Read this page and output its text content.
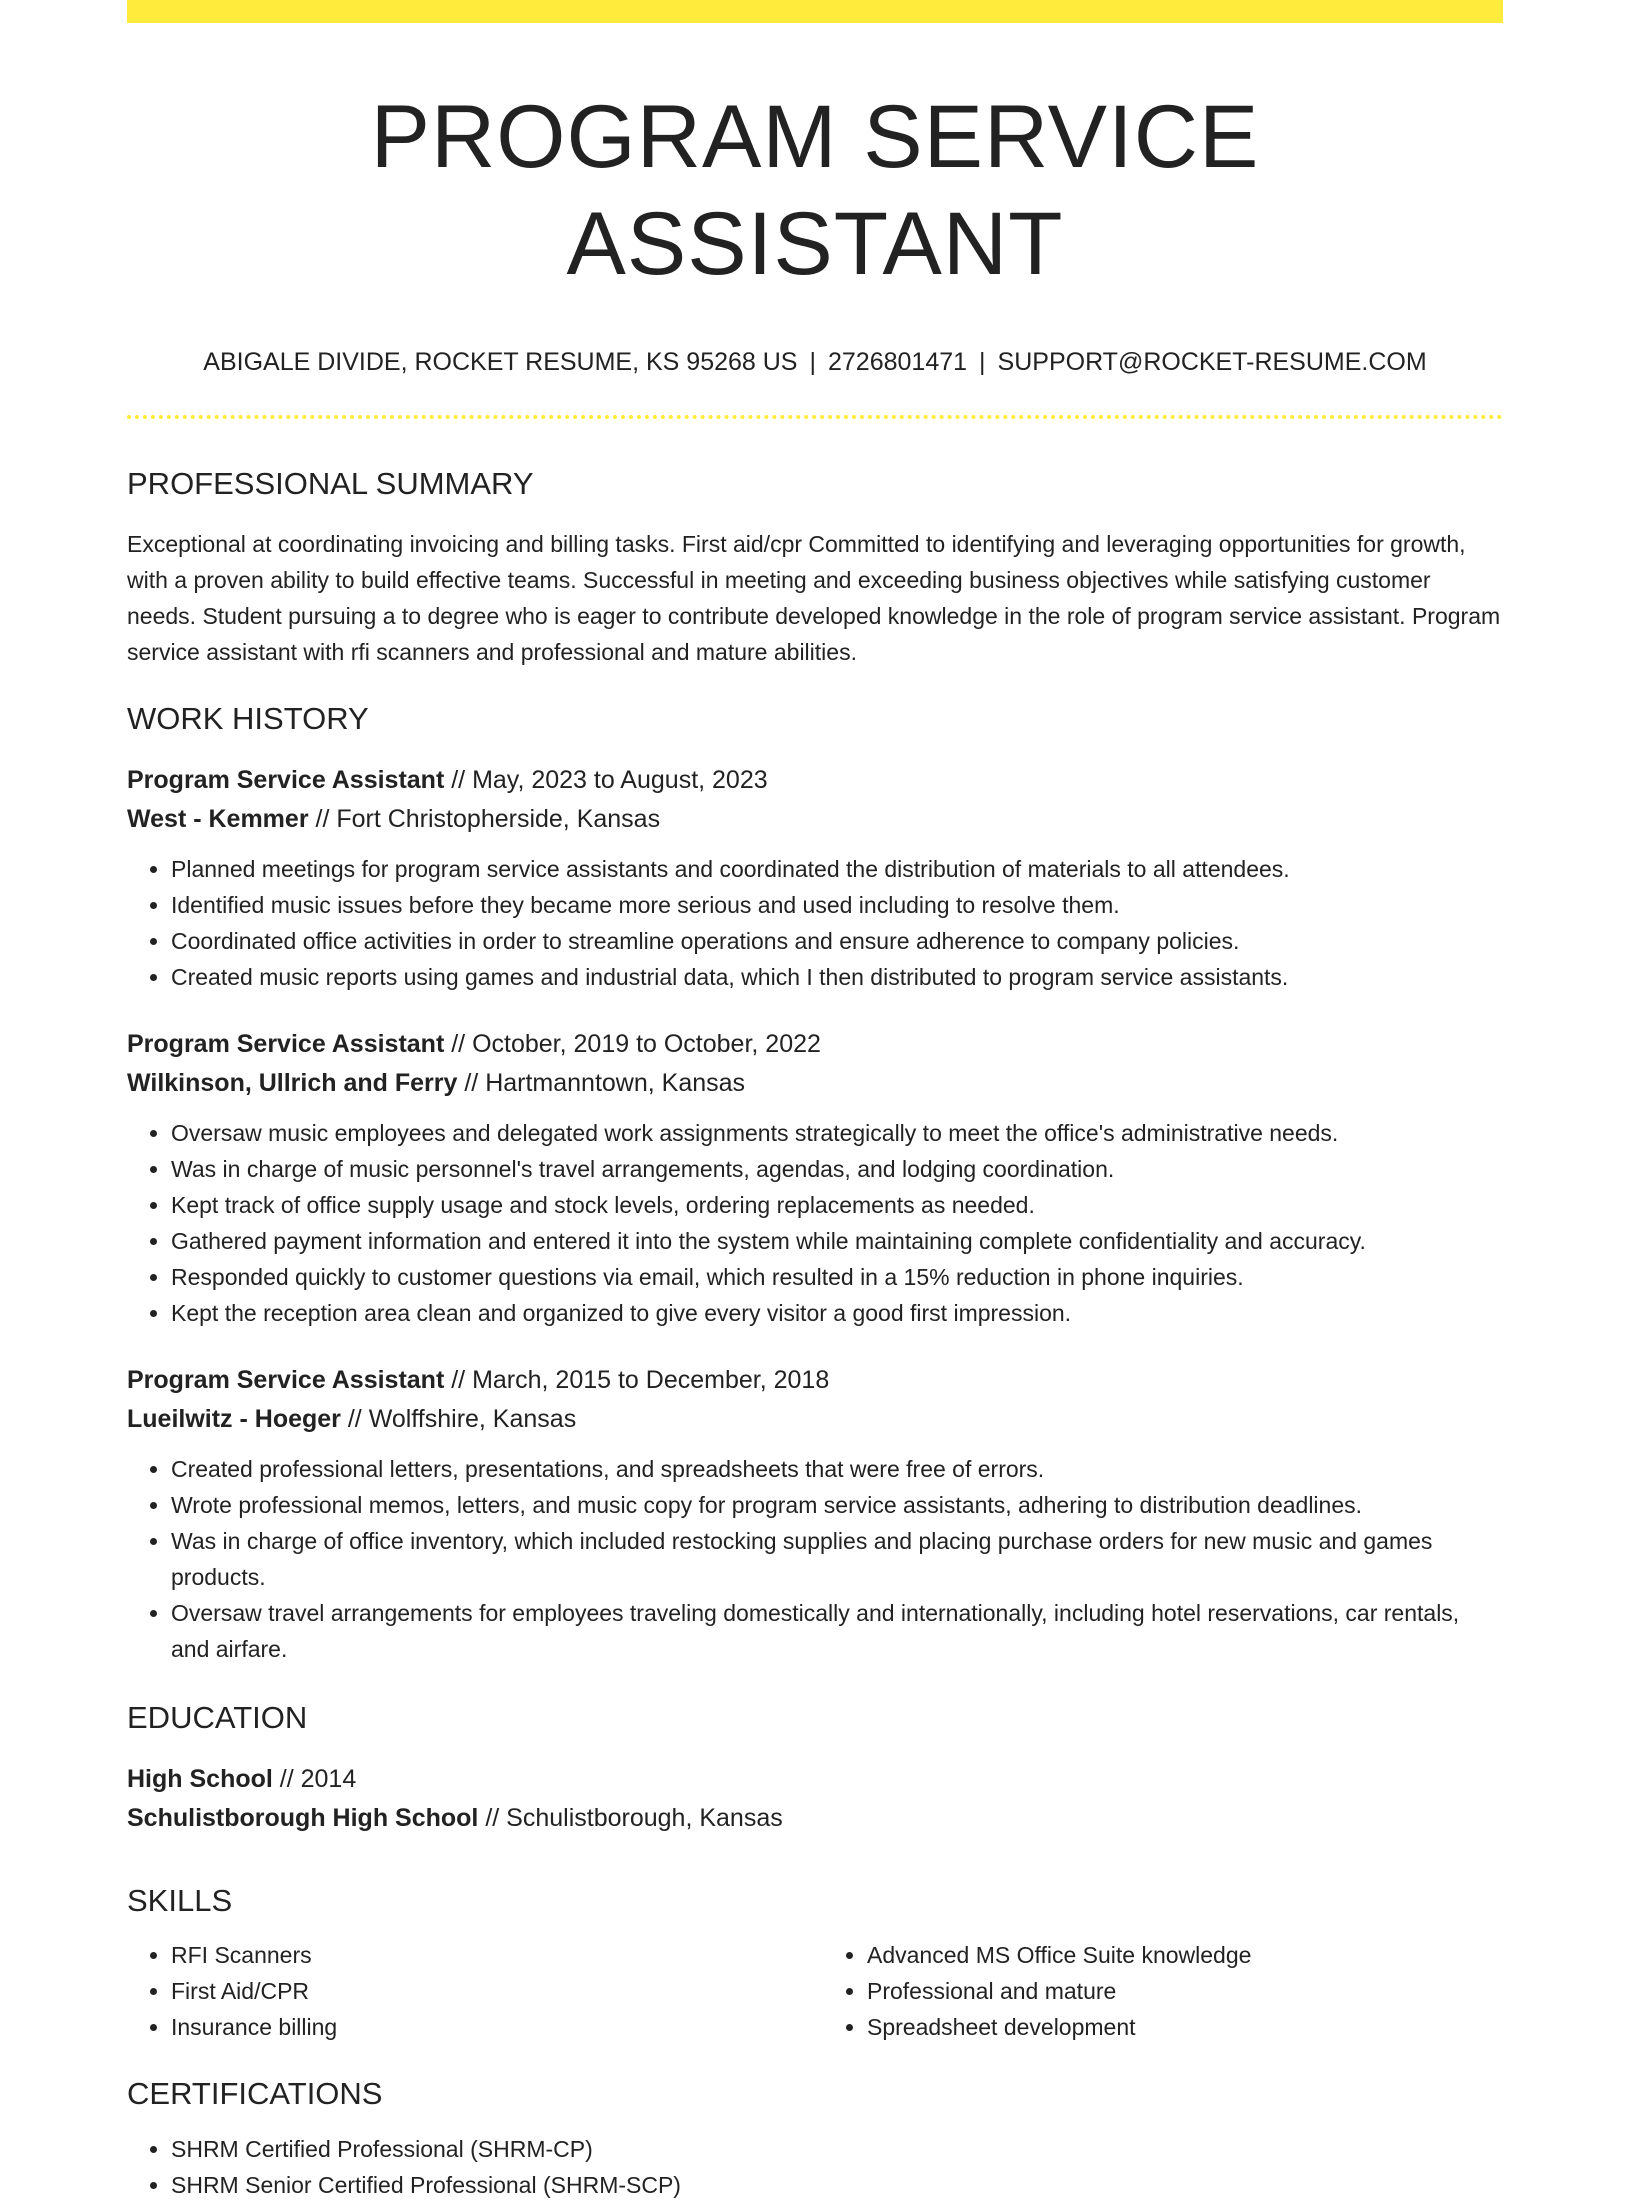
PROGRAM SERVICE ASSISTANT
ABIGALE DIVIDE, ROCKET RESUME, KS 95268 US | 2726801471 | SUPPORT@ROCKET-RESUME.COM
PROFESSIONAL SUMMARY

Exceptional at coordinating invoicing and billing tasks. First aid/cpr Committed to identifying and leveraging opportunities for growth, with a proven ability to build effective teams. Successful in meeting and exceeding business objectives while satisfying customer needs. Student pursuing a to degree who is eager to contribute developed knowledge in the role of program service assistant. Program service assistant with rfi scanners and professional and mature abilities.

WORK HISTORY
Program Service Assistant // May, 2023 to August, 2023
West - Kemmer // Fort Christopherside, Kansas
• Planned meetings for program service assistants and coordinated the distribution of materials to all attendees.
• Identified music issues before they became more serious and used including to resolve them.
• Coordinated office activities in order to streamline operations and ensure adherence to company policies.
• Created music reports using games and industrial data, which I then distributed to program service assistants.
Program Service Assistant // October, 2019 to October, 2022
Wilkinson, Ullrich and Ferry // Hartmanntown, Kansas
• Oversaw music employees and delegated work assignments strategically to meet the office's administrative needs.
• Was in charge of music personnel's travel arrangements, agendas, and lodging coordination.
• Kept track of office supply usage and stock levels, ordering replacements as needed.
• Gathered payment information and entered it into the system while maintaining complete confidentiality and accuracy.
• Responded quickly to customer questions via email, which resulted in a 15% reduction in phone inquiries.
• Kept the reception area clean and organized to give every visitor a good first impression.
Program Service Assistant // March, 2015 to December, 2018
Lueilwitz - Hoeger // Wolffshire, Kansas
• Created professional letters, presentations, and spreadsheets that were free of errors.
• Wrote professional memos, letters, and music copy for program service assistants, adhering to distribution deadlines.
• Was in charge of office inventory, which included restocking supplies and placing purchase orders for new music and games products.
• Oversaw travel arrangements for employees traveling domestically and internationally, including hotel reservations, car rentals, and airfare.
EDUCATION
High School // 2014
Schulistborough High School // Schulistborough, Kansas
SKILLS
• RFI Scanners
• First Aid/CPR
• Insurance billing
• Advanced MS Office Suite knowledge
• Professional and mature
• Spreadsheet development
CERTIFICATIONS
• SHRM Certified Professional (SHRM-CP)
• SHRM Senior Certified Professional (SHRM-SCP)
